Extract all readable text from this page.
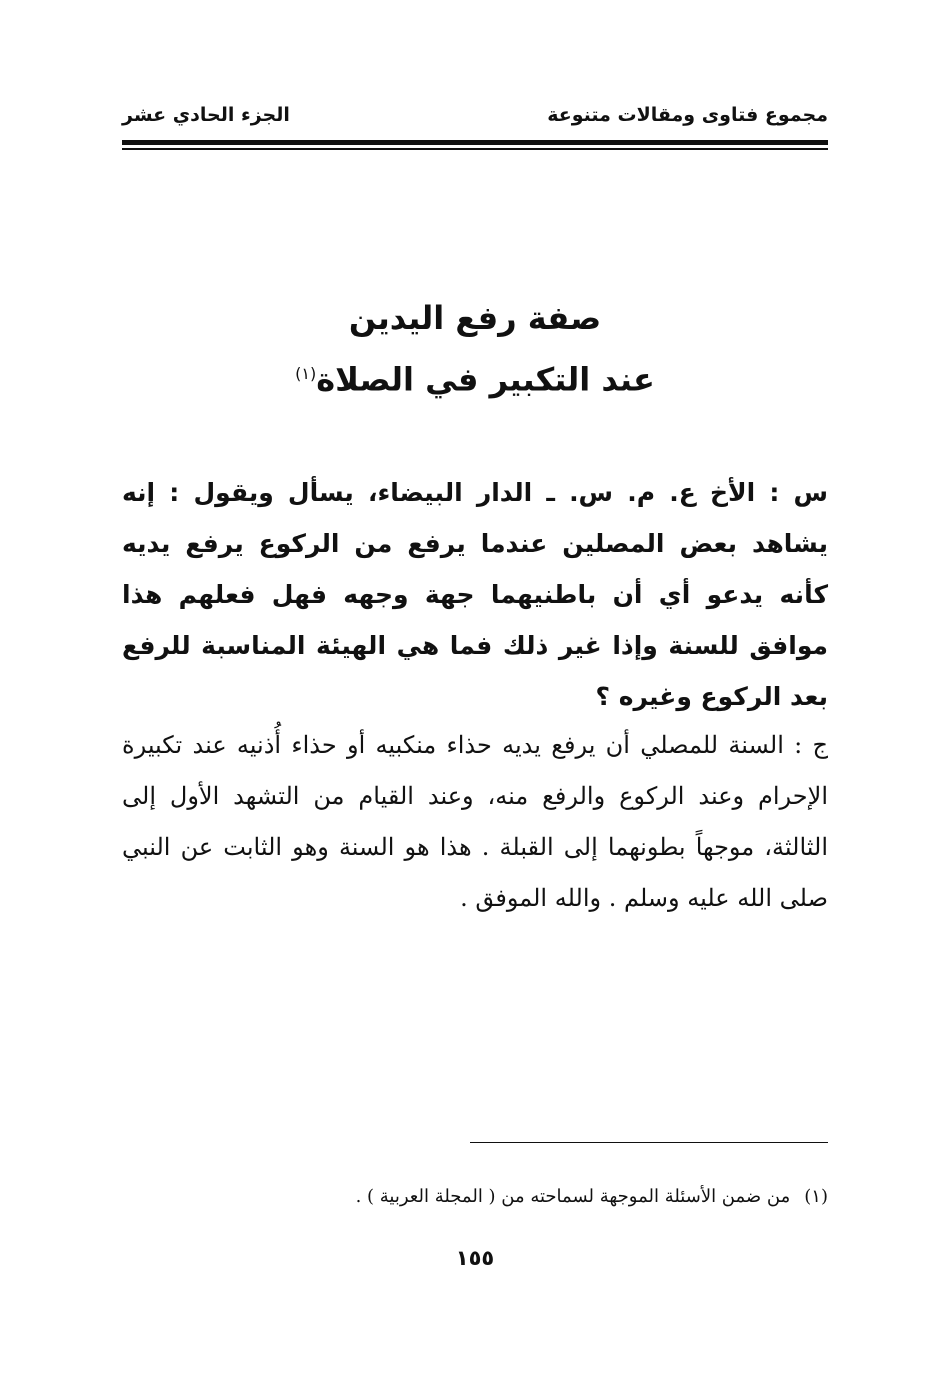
مجموع فتاوى ومقالات متنوعة
الجزء الحادي عشر
صفة رفع اليدين
عند التكبير في الصلاة$^{(١)}$

س : الأخ ع. م. س. ـ الدار البيضاء، يسأل ويقول : إنه يشاهد بعض المصلين عندما يرفع من الركوع يرفع يديه كأنه يدعو أي أن باطنيهما جهة وجهه فهل فعلهم هذا موافق للسنة وإذا غير ذلك فما هي الهيئة المناسبة للرفع بعد الركوع وغيره ؟

ج : السنة للمصلي أن يرفع يديه حذاء منكبيه أو حذاء أُذنيه عند تكبيرة الإحرام وعند الركوع والرفع منه، وعند القيام من التشهد الأول إلى الثالثة، موجهاً بطونهما إلى القبلة . هذا هو السنة وهو الثابت عن النبي صلى الله عليه وسلم . والله الموفق .

(١)من ضمن الأسئلة الموجهة لسماحته من ( المجلة العربية ) .
١٥٥
